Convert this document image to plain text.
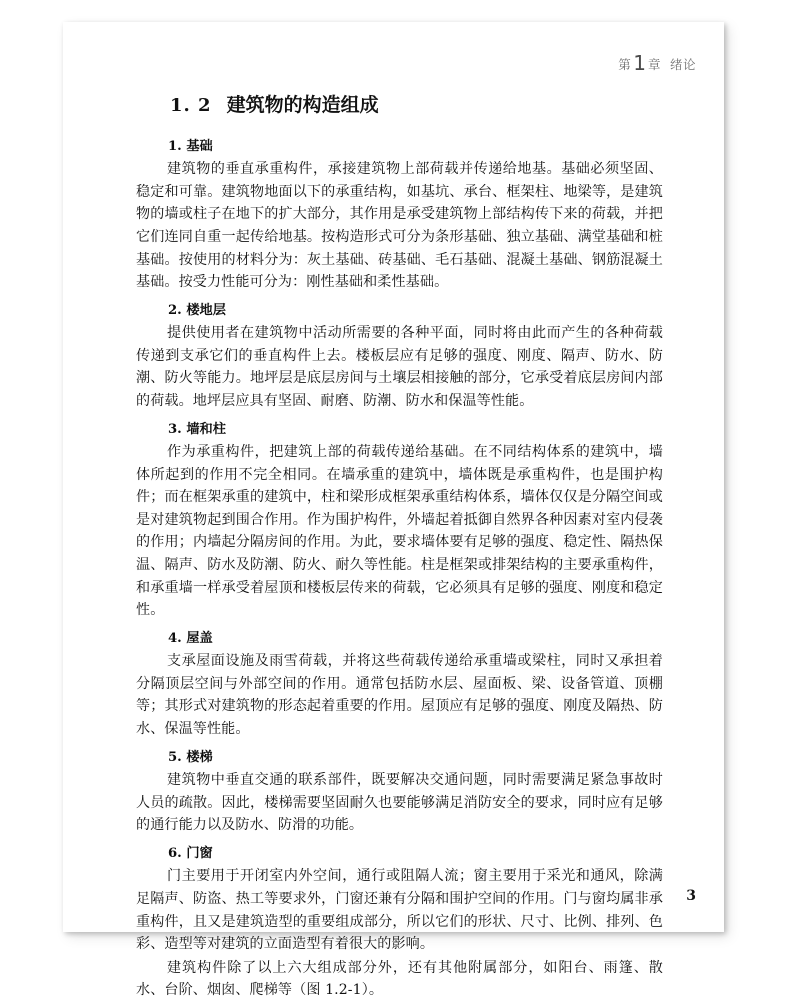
第 1 章 绪论
1. 2 建筑物的构造组成
1. 基础

建筑物的垂直承重构件，承接建筑物上部荷载并传递给地基。基础必须坚固、稳定和可靠。建筑物地面以下的承重结构，如基坑、承台、框架柱、地梁等，是建筑物的墙或柱子在地下的扩大部分，其作用是承受建筑物上部结构传下来的荷载，并把它们连同自重一起传给地基。按构造形式可分为条形基础、独立基础、满堂基础和桩基础。按使用的材料分为：灰土基础、砖基础、毛石基础、混凝土基础、钢筋混凝土基础。按受力性能可分为：刚性基础和柔性基础。

2. 楼地层

提供使用者在建筑物中活动所需要的各种平面，同时将由此而产生的各种荷载传递到支承它们的垂直构件上去。楼板层应有足够的强度、刚度、隔声、防水、防潮、防火等能力。地坪层是底层房间与土壤层相接触的部分，它承受着底层房间内部的荷载。地坪层应具有坚固、耐磨、防潮、防水和保温等性能。

3. 墙和柱

作为承重构件，把建筑上部的荷载传递给基础。在不同结构体系的建筑中，墙体所起到的作用不完全相同。在墙承重的建筑中，墙体既是承重构件，也是围护构件；而在框架承重的建筑中，柱和梁形成框架承重结构体系，墙体仅仅是分隔空间或是对建筑物起到围合作用。作为围护构件，外墙起着抵御自然界各种因素对室内侵袭的作用；内墙起分隔房间的作用。为此，要求墙体要有足够的强度、稳定性、隔热保温、隔声、防水及防潮、防火、耐久等性能。柱是框架或排架结构的主要承重构件，和承重墙一样承受着屋顶和楼板层传来的荷载，它必须具有足够的强度、刚度和稳定性。

4. 屋盖

支承屋面设施及雨雪荷载，并将这些荷载传递给承重墙或梁柱，同时又承担着分隔顶层空间与外部空间的作用。通常包括防水层、屋面板、梁、设备管道、顶棚等；其形式对建筑物的形态起着重要的作用。屋顶应有足够的强度、刚度及隔热、防水、保温等性能。

5. 楼梯

建筑物中垂直交通的联系部件，既要解决交通问题，同时需要满足紧急事故时人员的疏散。因此，楼梯需要坚固耐久也要能够满足消防安全的要求，同时应有足够的通行能力以及防水、防滑的功能。

6. 门窗

门主要用于开闭室内外空间，通行或阻隔人流；窗主要用于采光和通风，除满足隔声、防盗、热工等要求外，门窗还兼有分隔和围护空间的作用。门与窗均属非承重构件，且又是建筑造型的重要组成部分，所以它们的形状、尺寸、比例、排列、色彩、造型等对建筑的立面造型有着很大的影响。

建筑构件除了以上六大组成部分外，还有其他附属部分，如阳台、雨篷、散水、台阶、烟囱、爬梯等（图 1.2-1）。

3
